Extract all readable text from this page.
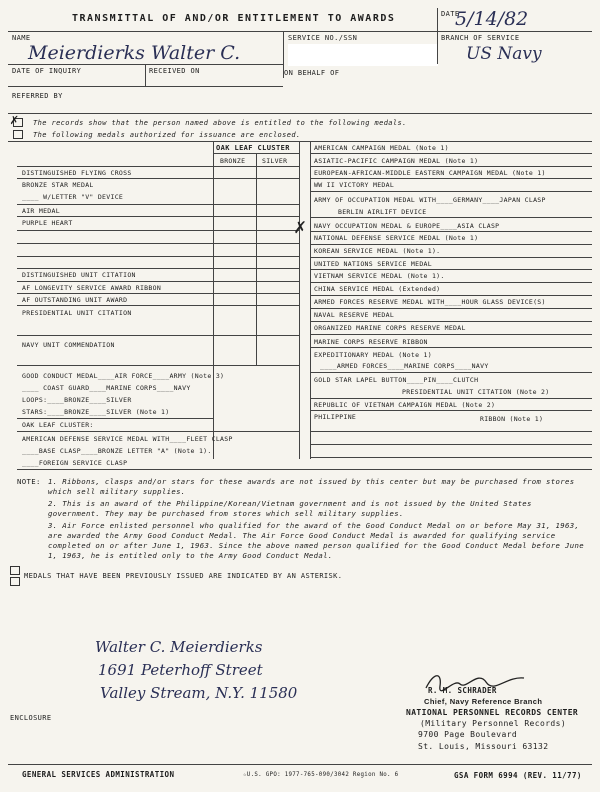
TRANSMITTAL OF AND/OR ENTITLEMENT TO AWARDS	DATE
5/14/82
NAME
Meierdierks Walter C.
SERVICE NO./SSN	BRANCH OF SERVICE
US Navy
DATE OF INQUIRY	RECEIVED ON	ON BEHALF OF
REFERRED BY
✗ The records show that the person named above is entitled to the following medals.
The following medals authorized for issuance are enclosed.
OAK LEAF CLUSTER
BRONZE	SILVER
DISTINGUISHED FLYING CROSS
BRONZE STAR MEDAL
____ W/LETTER "V" DEVICE
AIR MEDAL
PURPLE HEART
DISTINGUISHED UNIT CITATION
AF LONGEVITY SERVICE AWARD RIBBON
AF OUTSTANDING UNIT AWARD
PRESIDENTIAL UNIT CITATION
NAVY UNIT COMMENDATION
GOOD CONDUCT MEDAL____AIR FORCE____ARMY (Note 3)
____ COAST GUARD____MARINE CORPS____NAVY
LOOPS:____BRONZE____SILVER
STARS:____BRONZE____SILVER (Note 1)
OAK LEAF CLUSTER:
AMERICAN DEFENSE SERVICE MEDAL WITH____FLEET CLASP
____BASE CLASP____BRONZE LETTER "A" (Note 1).
____FOREIGN SERVICE CLASP
AMERICAN CAMPAIGN MEDAL (Note 1)
ASIATIC-PACIFIC CAMPAIGN MEDAL (Note 1)
EUROPEAN-AFRICAN-MIDDLE EASTERN CAMPAIGN MEDAL (Note 1)
WW II VICTORY MEDAL
ARMY OF OCCUPATION MEDAL WITH____GERMANY____JAPAN CLASP
BERLIN AIRLIFT DEVICE
NAVY OCCUPATION MEDAL & EUROPE____ASIA CLASP
✗ NATIONAL DEFENSE SERVICE MEDAL (Note 1)
KOREAN SERVICE MEDAL (Note 1).
UNITED NATIONS SERVICE MEDAL
VIETNAM SERVICE MEDAL (Note 1).
CHINA SERVICE MEDAL (Extended)
ARMED FORCES RESERVE MEDAL WITH____HOUR GLASS DEVICE(S)
NAVAL RESERVE MEDAL
ORGANIZED MARINE CORPS RESERVE MEDAL
MARINE CORPS RESERVE RIBBON
EXPEDITIONARY MEDAL (Note 1)
____ARMED FORCES____MARINE CORPS____NAVY
GOLD STAR LAPEL BUTTON____PIN____CLUTCH
PRESIDENTIAL UNIT CITATION (Note 2)
REPUBLIC OF VIETNAM CAMPAIGN MEDAL (Note 2)
PHILIPPINE	RIBBON (Note 1)
NOTE: 1. Ribbons, clasps and/or stars for these awards are not issued by this center but may be purchased from stores which sell military supplies.
2. This is an award of the Philippine/Korean/Vietnam government and is not issued by the United States government. They may be purchased from stores which sell military supplies.
3. Air Force enlisted personnel who qualified for the award of the Good Conduct Medal on or before May 31, 1963, are awarded the Army Good Conduct Medal. The Air Force Good Conduct Medal is awarded for qualifying service completed on or after June 1, 1963. Since the above named person qualified for the Good Conduct Medal before June 1, 1963, he is entitled only to the Army Good Conduct Medal.
MEDALS THAT HAVE BEEN PREVIOUSLY ISSUED ARE INDICATED BY AN ASTERISK.
Walter C. Meierdierks
1691 Peterhoff Street
Valley Stream, N.Y. 11580	R. M. SCHRADER
Chief, Navy Reference Branch
NATIONAL PERSONNEL RECORDS CENTER
(Military Personnel Records)
9700 Page Boulevard
St. Louis, Missouri 63132
ENCLOSURE
GENERAL SERVICES ADMINISTRATION	☆U.S. GPO: 1977-765-090/3042 Region No. 6	GSA FORM 6994 (REV. 11/77)
